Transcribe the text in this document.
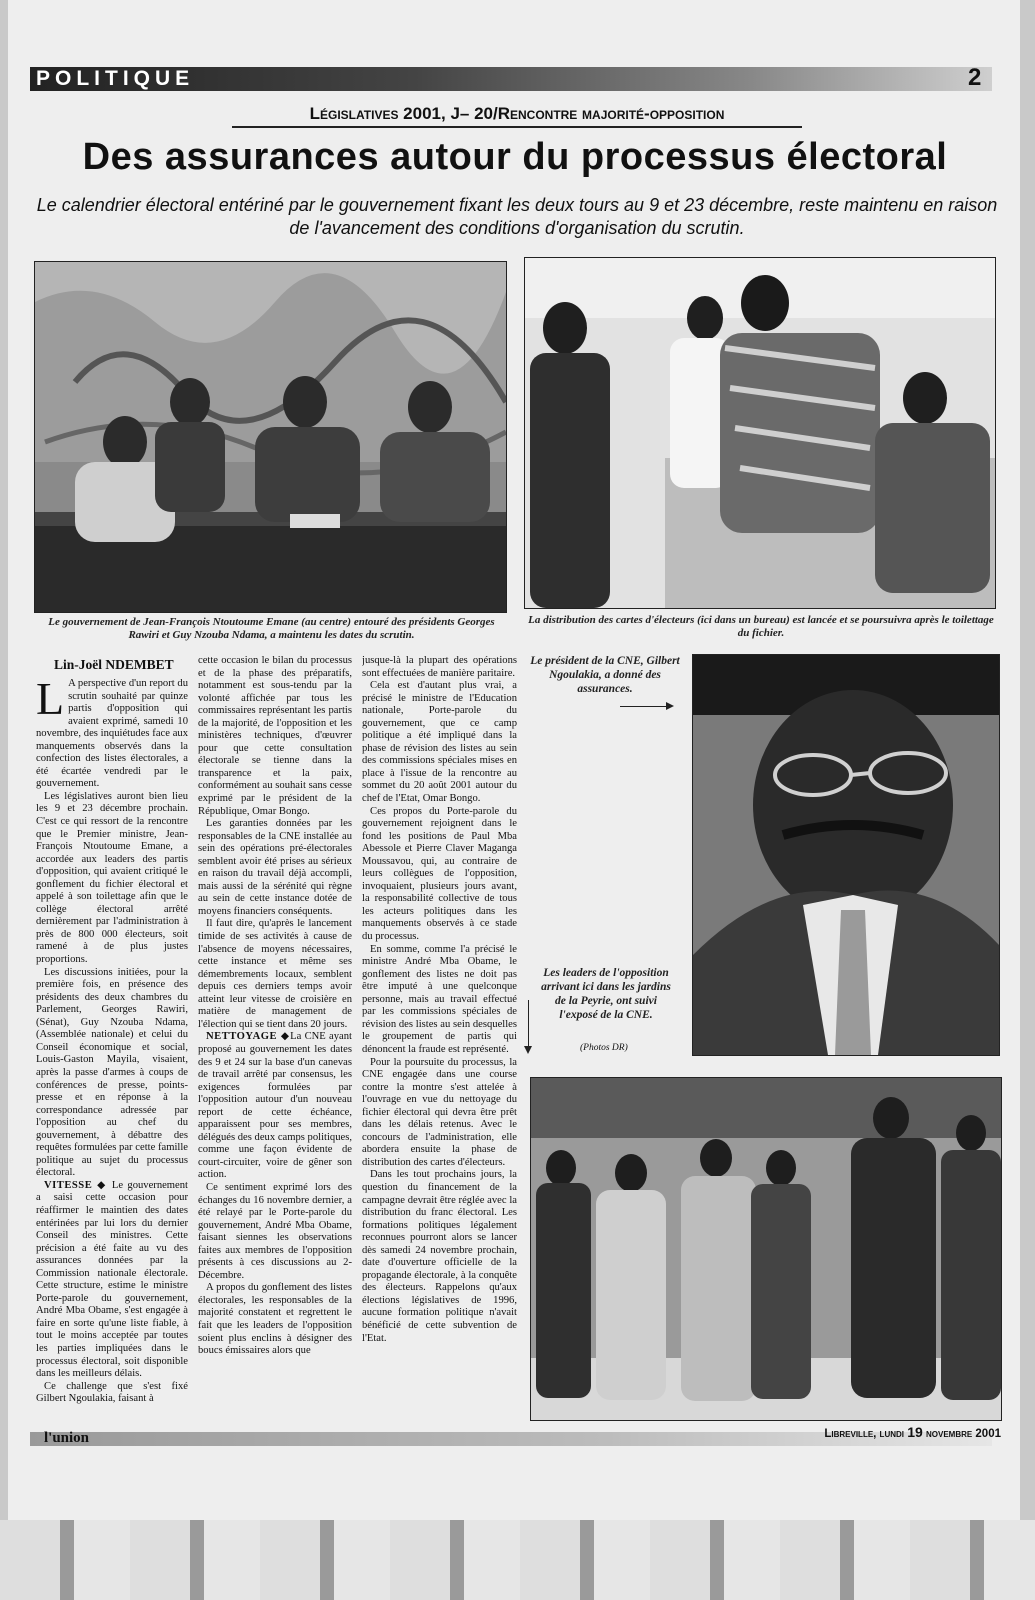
POLITIQUE	2
Législatives 2001, J– 20/Rencontre majorité-opposition
Des assurances autour du processus électoral
Le calendrier électoral entériné par le gouvernement fixant les deux tours au 9 et 23 décembre, reste maintenu en raison de l'avancement des conditions d'organisation du scrutin.
Le gouvernement de Jean-François Ntoutoume Emane (au centre) entouré des présidents Georges Rawiri et Guy Nzouba Ndama, a maintenu les dates du scrutin.
La distribution des cartes d'électeurs (ici dans un bureau) est lancée et se poursuivra après le toilettage du fichier.
Lin-Joël NDEMBET

L A perspective d'un report du scrutin souhaité par quinze partis d'opposition qui avaient exprimé, samedi 10 novembre, des inquiétudes face aux manquements observés dans la confection des listes électorales, a été écartée vendredi par le gouvernement.

Les législatives auront bien lieu les 9 et 23 décembre prochain. C'est ce qui ressort de la rencontre que le Premier ministre, Jean-François Ntoutoume Emane, a accordée aux leaders des partis d'opposition, qui avaient critiqué le gonflement du fichier électoral et appelé à son toilettage afin que le collège électoral arrêté dernièrement par l'administration à près de 800 000 électeurs, soit ramené à de plus justes proportions.

Les discussions initiées, pour la première fois, en présence des présidents des deux chambres du Parlement, Georges Rawiri, (Sénat), Guy Nzouba Ndama, (Assemblée nationale) et celui du Conseil économique et social, Louis-Gaston Mayila, visaient, après la passe d'armes à coups de conférences de presse, points-presse et en réponse à la correspondance adressée par l'opposition au chef du gouvernement, à débattre des requêtes formulées par cette famille politique au sujet du processus électoral.

VITESSE ◆ Le gouvernement a saisi cette occasion pour réaffirmer le maintien des dates entérinées par lui lors du dernier Conseil des ministres. Cette précision a été faite au vu des assurances données par la Commission nationale électorale. Cette structure, estime le ministre Porte-parole du gouvernement, André Mba Obame, s'est engagée à faire en sorte qu'une liste fiable, à tout le moins acceptée par toutes les parties impliquées dans le processus électoral, soit disponible dans les meilleurs délais.

Ce challenge que s'est fixé Gilbert Ngoulakia, faisant à

cette occasion le bilan du processus et de la phase des préparatifs, notamment est sous-tendu par la volonté affichée par tous les commissaires représentant les partis de la majorité, de l'opposition et les ministères techniques, d'œuvrer pour que cette consultation électorale se tienne dans la transparence et la paix, conformément au souhait sans cesse exprimé par le président de la République, Omar Bongo.

Les garanties données par les responsables de la CNE installée au sein des opérations pré-électorales semblent avoir été prises au sérieux en raison du travail déjà accompli, mais aussi de la sérénité qui règne au sein de cette instance dotée de moyens financiers conséquents.

Il faut dire, qu'après le lancement timide de ses activités à cause de l'absence de moyens nécessaires, cette instance et même ses démembrements locaux, semblent depuis ces derniers temps avoir atteint leur vitesse de croisière en matière de management de l'élection qui se tient dans 20 jours.

NETTOYAGE ◆La CNE ayant proposé au gouvernement les dates des 9 et 24 sur la base d'un canevas de travail arrêté par consensus, les exigences formulées par l'opposition autour d'un nouveau report de cette échéance, apparaissent pour ses membres, délégués des deux camps politiques, comme une façon évidente de court-circuiter, voire de gêner son action.

Ce sentiment exprimé lors des échanges du 16 novembre dernier, a été relayé par le Porte-parole du gouvernement, André Mba Obame, faisant siennes les observations faites aux membres de l'opposition présents à ces discussions au 2-Décembre.

A propos du gonflement des listes électorales, les responsables de la majorité constatent et regrettent le fait que les leaders de l'opposition soient plus enclins à désigner des boucs émissaires alors que

jusque-là la plupart des opérations sont effectuées de manière paritaire.

Cela est d'autant plus vrai, a précisé le ministre de l'Education nationale, Porte-parole du gouvernement, que ce camp politique a été impliqué dans la phase de révision des listes au sein des commissions spéciales mises en place à l'issue de la rencontre au sommet du 20 août 2001 autour du chef de l'Etat, Omar Bongo.

Ces propos du Porte-parole du gouvernement rejoignent dans le fond les positions de Paul Mba Abessole et Pierre Claver Maganga Moussavou, qui, au contraire de leurs collègues de l'opposition, invoquaient, plusieurs jours avant, la responsabilité collective de tous les acteurs politiques dans les manquements observés à ce stade du processus.

En somme, comme l'a précisé le ministre André Mba Obame, le gonflement des listes ne doit pas être imputé à une quelconque personne, mais au travail effectué par les commissions spéciales de révision des listes au sein desquelles le groupement de partis qui dénoncent la fraude est représenté.

Pour la poursuite du processus, la CNE engagée dans une course contre la montre s'est attelée à l'ouvrage en vue du nettoyage du fichier électoral qui devra être prêt dans les délais retenus. Avec le concours de l'administration, elle abordera ensuite la phase de distribution des cartes d'électeurs.

Dans les tout prochains jours, la question du financement de la campagne devrait être réglée avec la distribution du franc électoral. Les formations politiques légalement reconnues pourront alors se lancer dès samedi 24 novembre prochain, date d'ouverture officielle de la propagande électorale, à la conquête des électeurs. Rappelons qu'aux élections législatives de 1996, aucune formation politique n'avait bénéficié de cette subvention de l'Etat.

Le président de la CNE, Gilbert Ngoulakia, a donné des assurances.
Les leaders de l'opposition arrivant ici dans les jardins de la Peyrie, ont suivi l'exposé de la CNE.
(Photos DR)
l'union	Libreville, lundi 19 novembre 2001
